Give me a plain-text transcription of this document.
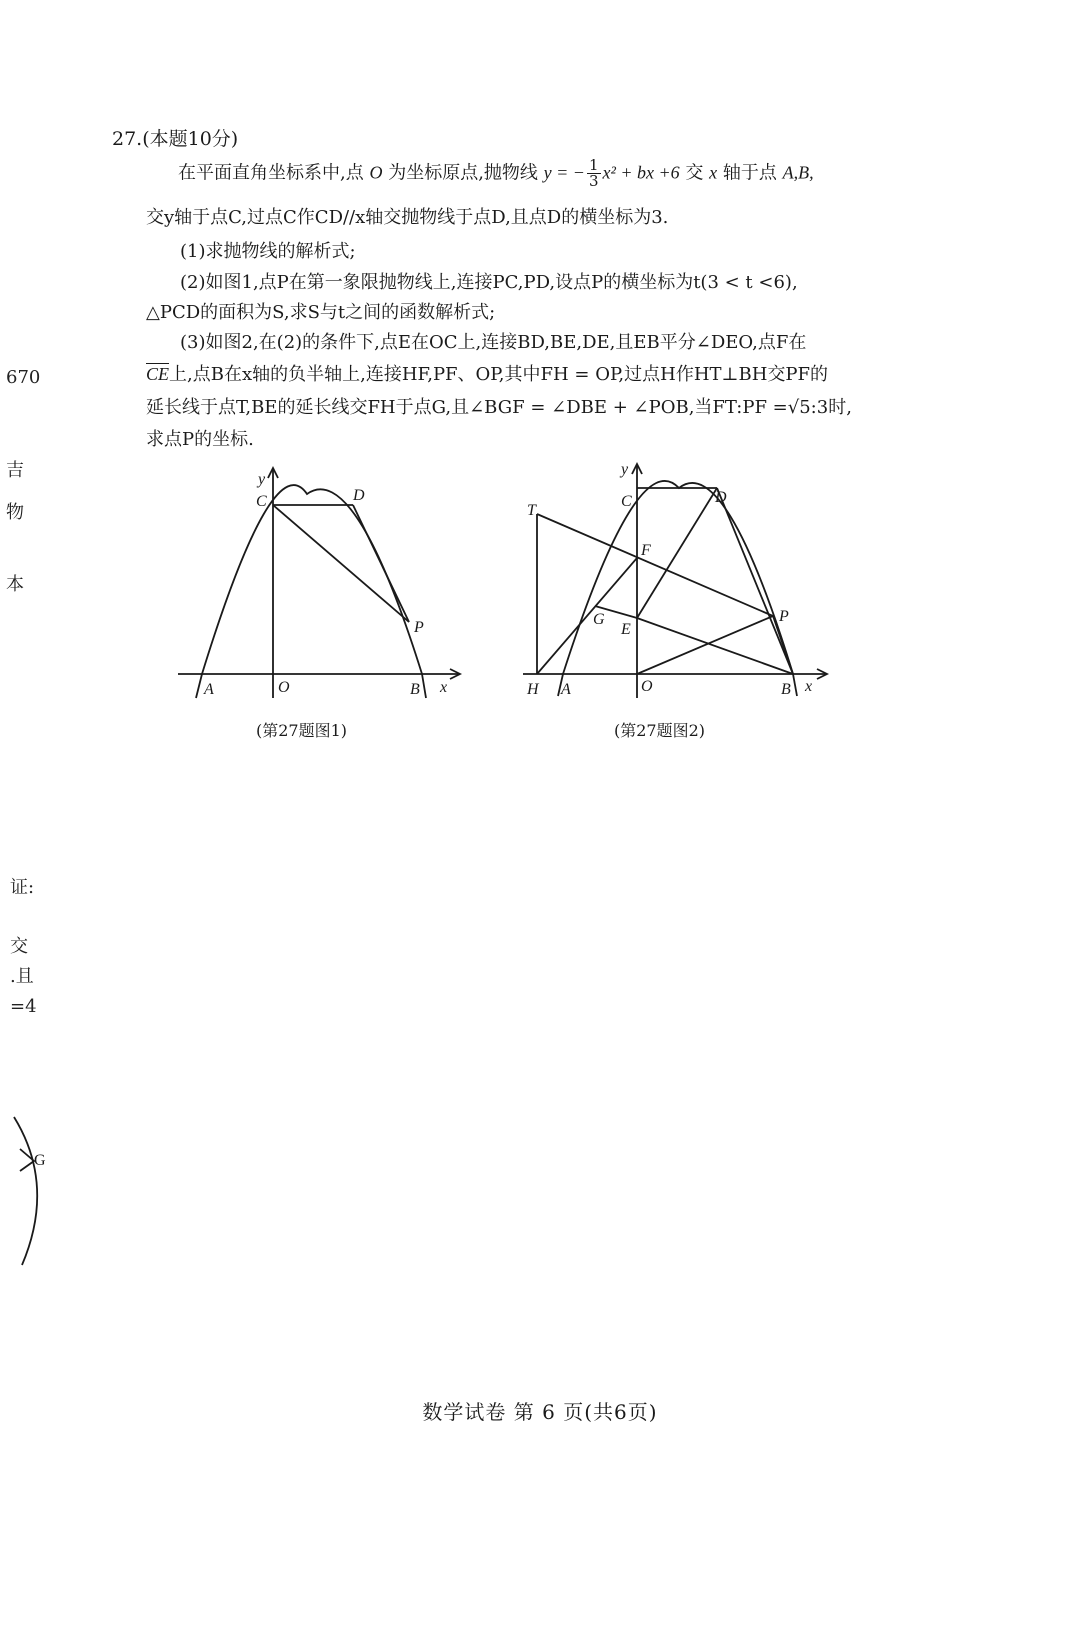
27.(本题10分)
在平面直角坐标系中,点 O 为坐标原点,抛物线 y = − $\frac{1}{3} x^2$ + bx +6 交 x 轴于点 A,B,
交y轴于点C,过点C作CD//x轴交抛物线于点D,且点D的横坐标为3.
(1)求抛物线的解析式;
(2)如图1,点P在第一象限抛物线上,连接PC,PD,设点P的横坐标为t(3 < t <6),
△PCD的面积为S,求S与t之间的函数解析式;
(3)如图2,在(2)的条件下,点E在OC上,连接BD,BE,DE,且EB平分∠DEO,点F在
$\overline{CE}$上,点B在x轴的负半轴上,连接HF,PF、OP,其中FH = OP,过点H作HT⊥BH交PF的
延长线于点T,BE的延长线交FH于点G,且∠BGF = ∠DBE + ∠POB,当FT:PF =√5:3时,
求点P的坐标.
y
C	D
P
A	O	B x
(第27题图1)
y
C	D
T
F
G
E
P
H A	O	B x
(第27题图2)
670
吉
物
本
证:
交
.且
=4
G
数学试卷 第 6 页(共6页)
